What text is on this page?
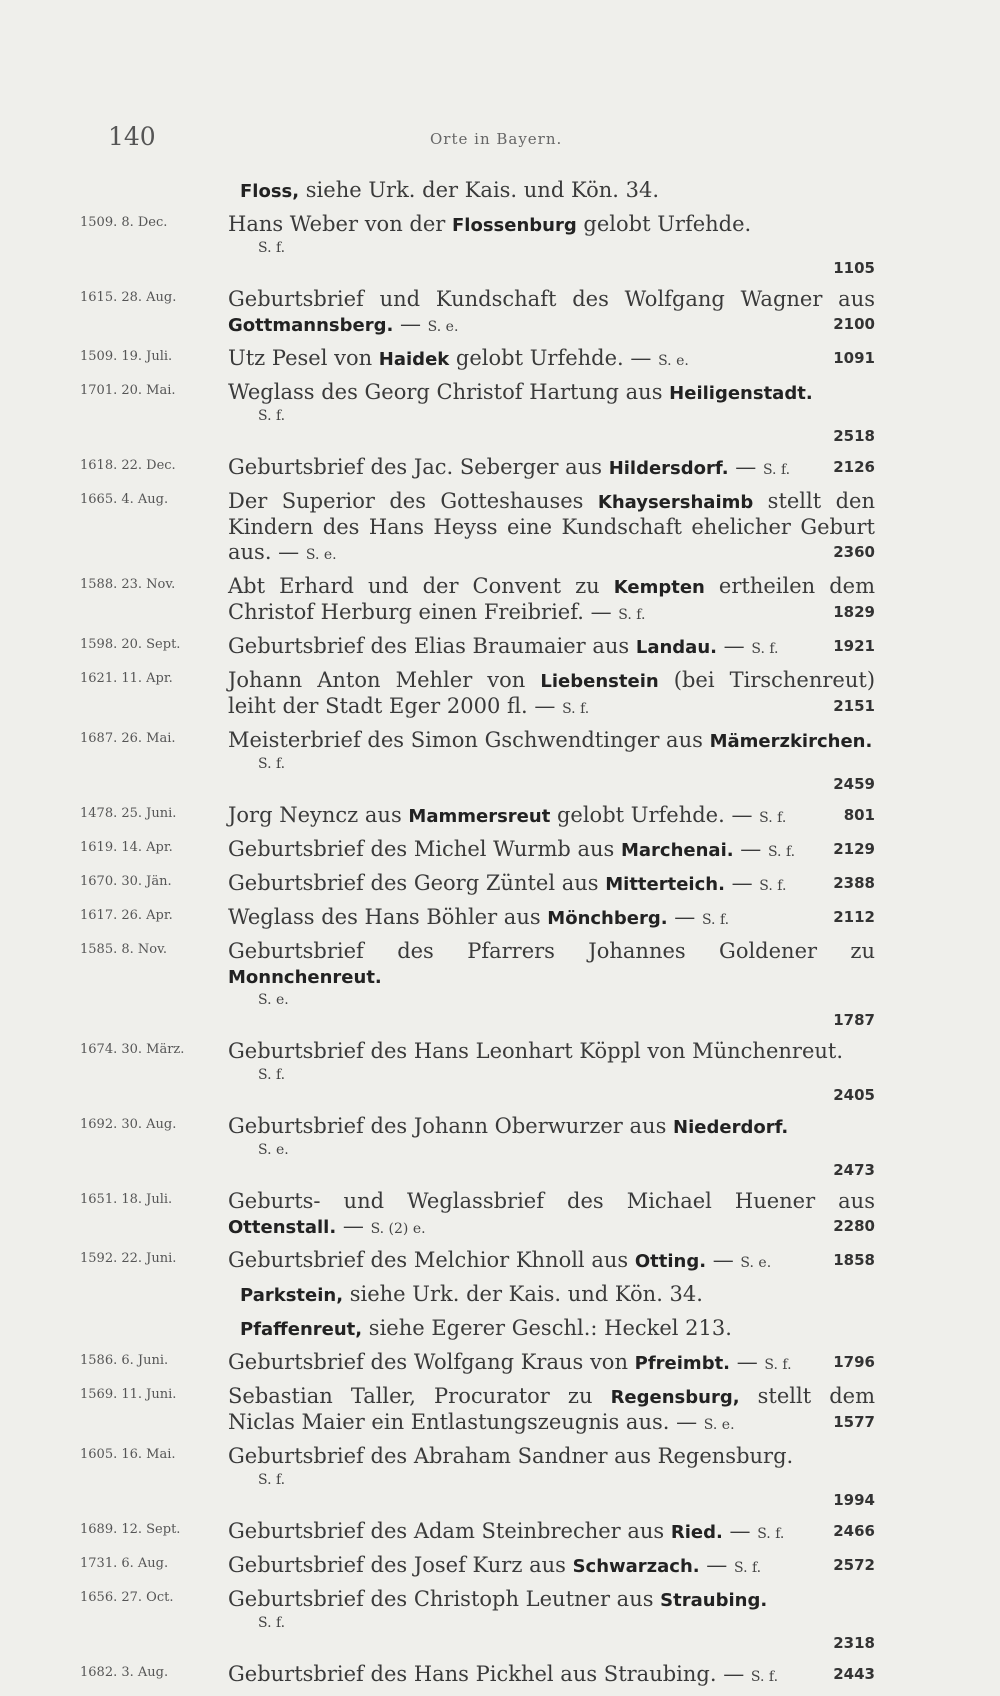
140	Orte in Bayern.
Floss, siehe Urk. der Kais. und Kön. 34.
1509. 8. Dec.	Hans Weber von der Flossenburg gelobt Urfehde.
S. f.
1105
1615. 28. Aug.	Geburtsbrief und Kundschaft des Wolfgang Wagner aus Gottmannsberg. — S. e.	2100
1509. 19. Juli.	Utz Pesel von Haidek gelobt Urfehde. — S. e.	1091
1701. 20. Mai.	Weglass des Georg Christof Hartung aus Heiligenstadt.
S. f.
2518
1618. 22. Dec.	Geburtsbrief des Jac. Seberger aus Hildersdorf. — S. f.	2126
1665. 4. Aug.	Der Superior des Gotteshauses Khaysershaimb stellt den Kindern des Hans Heyss eine Kundschaft ehelicher Geburt aus. — S. e.	2360
1588. 23. Nov.	Abt Erhard und der Convent zu Kempten ertheilen dem Christof Herburg einen Freibrief. — S. f.	1829
1598. 20. Sept.	Geburtsbrief des Elias Braumaier aus Landau. — S. f.	1921
1621. 11. Apr.	Johann Anton Mehler von Liebenstein (bei Tirschenreut) leiht der Stadt Eger 2000 fl. — S. f.	2151
1687. 26. Mai.	Meisterbrief des Simon Gschwendtinger aus Mämerzkirchen.
S. f.
2459
1478. 25. Juni.	Jorg Neyncz aus Mammersreut gelobt Urfehde. — S. f.	801
1619. 14. Apr.	Geburtsbrief des Michel Wurmb aus Marchenai. — S. f.	2129
1670. 30. Jän.	Geburtsbrief des Georg Züntel aus Mitterteich. — S. f.	2388
1617. 26. Apr.	Weglass des Hans Böhler aus Mönchberg. — S. f.	2112
1585. 8. Nov.	Geburtsbrief des Pfarrers Johannes Goldener zu Monnchenreut.
S. e.
1787
1674. 30. März.	Geburtsbrief des Hans Leonhart Köppl von Münchenreut.
S. f.
2405
1692. 30. Aug.	Geburtsbrief des Johann Oberwurzer aus Niederdorf.
S. e.
2473
1651. 18. Juli.	Geburts- und Weglassbrief des Michael Huener aus Ottenstall. — S. (2) e.	2280
1592. 22. Juni.	Geburtsbrief des Melchior Khnoll aus Otting. — S. e.	1858
Parkstein, siehe Urk. der Kais. und Kön. 34.
Pfaffenreut, siehe Egerer Geschl.: Heckel 213.
1586. 6. Juni.	Geburtsbrief des Wolfgang Kraus von Pfreimbt. — S. f.	1796
1569. 11. Juni.	Sebastian Taller, Procurator zu Regensburg, stellt dem Niclas Maier ein Entlastungszeugnis aus. — S. e.	1577
1605. 16. Mai.	Geburtsbrief des Abraham Sandner aus Regensburg.
S. f.
1994
1689. 12. Sept.	Geburtsbrief des Adam Steinbrecher aus Ried. — S. f.	2466
1731. 6. Aug.	Geburtsbrief des Josef Kurz aus Schwarzach. — S. f.	2572
1656. 27. Oct.	Geburtsbrief des Christoph Leutner aus Straubing.
S. f.
2318
1682. 3. Aug.	Geburtsbrief des Hans Pickhel aus Straubing. — S. f.	2443
